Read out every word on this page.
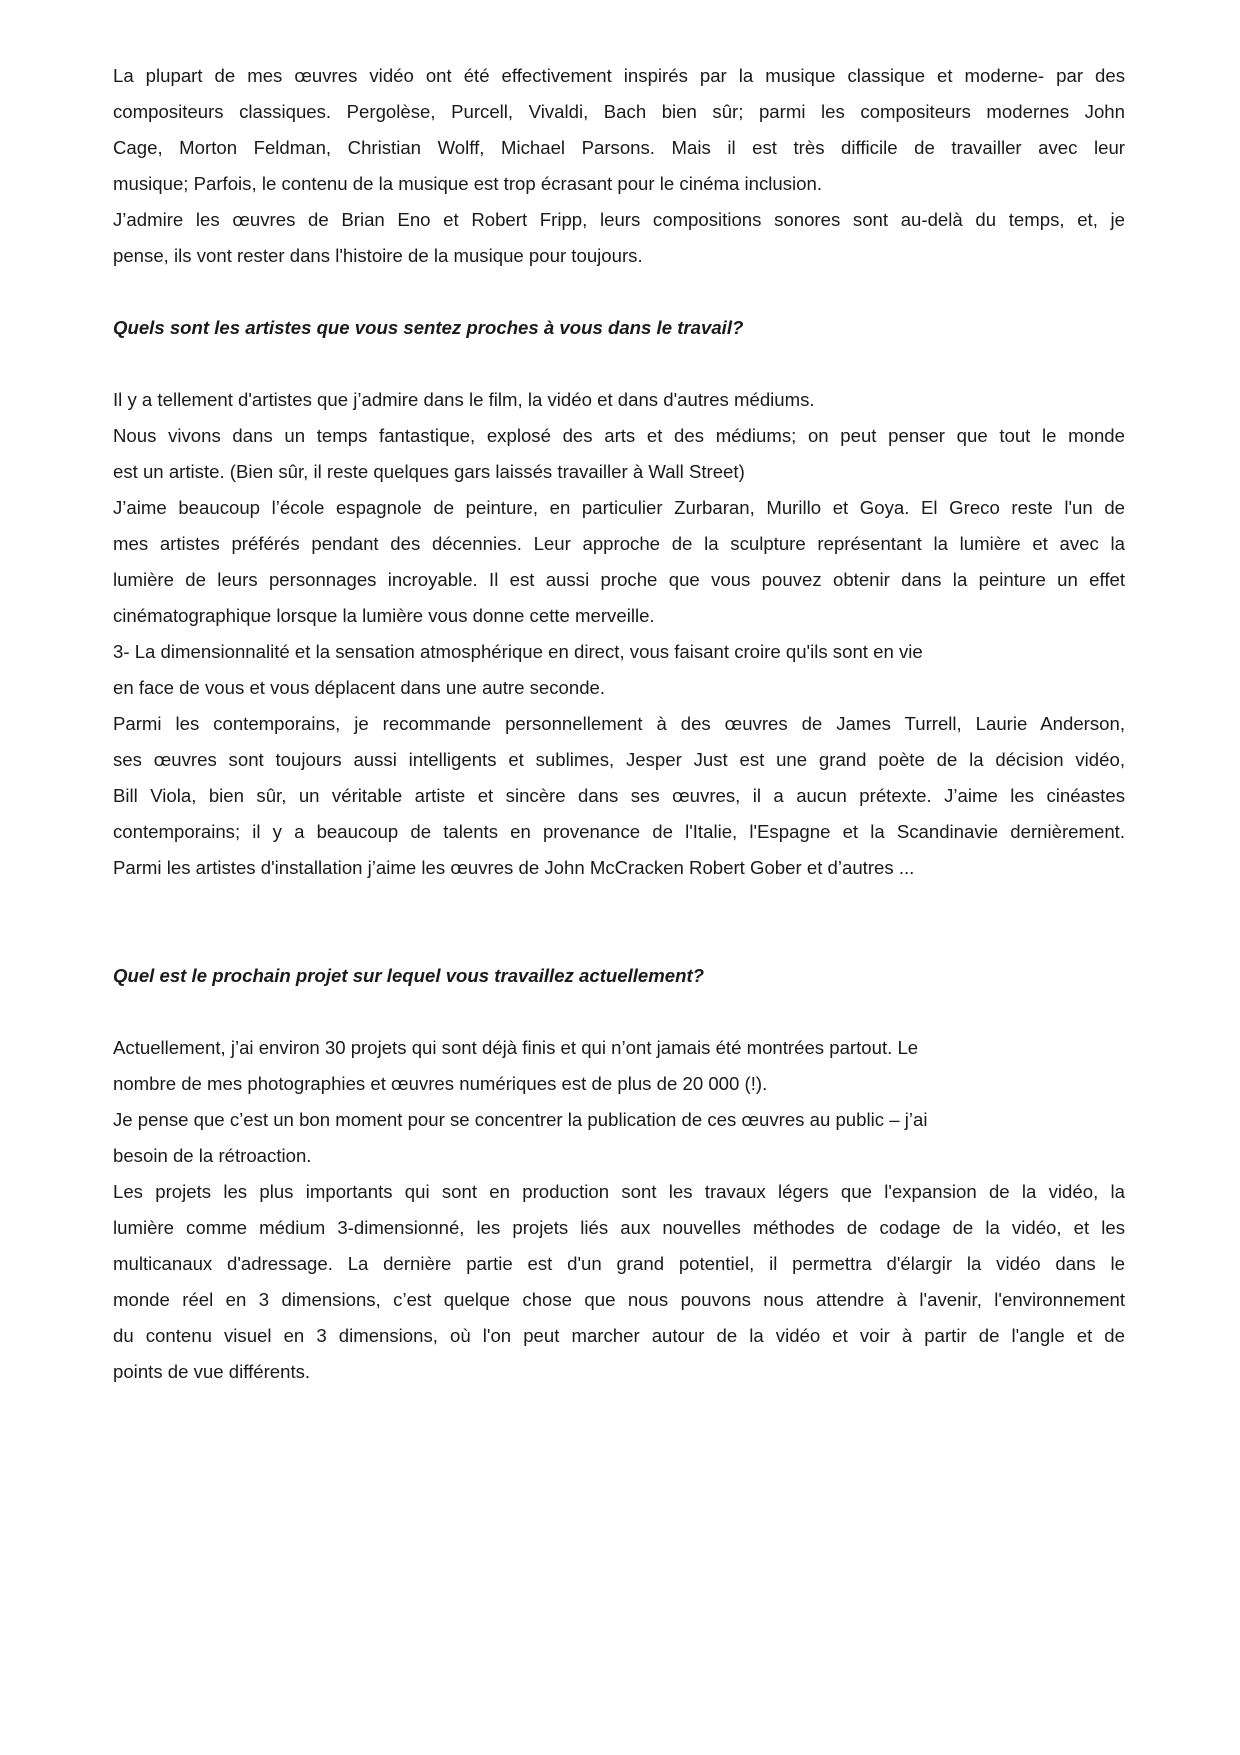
La plupart de mes œuvres vidéo ont été effectivement inspirés par la musique classique et moderne- par des
compositeurs classiques. Pergolèse, Purcell, Vivaldi, Bach bien sûr; parmi les compositeurs modernes John
Cage, Morton Feldman, Christian Wolff, Michael Parsons. Mais il est très difficile de travailler avec leur
musique; Parfois, le contenu de la musique est trop écrasant pour le cinéma inclusion.
J’admire les œuvres de Brian Eno et Robert Fripp, leurs compositions sonores sont au-delà du temps, et, je
pense, ils vont rester dans l'histoire de la musique pour toujours.
Quels sont les artistes que vous sentez proches à vous dans le travail?
Il y a tellement d'artistes que j’admire dans le film, la vidéo et dans d'autres médiums.
Nous vivons dans un temps fantastique, explosé des arts et des médiums; on peut penser que tout le monde
est un artiste. (Bien sûr, il reste quelques gars laissés travailler à Wall Street)
J’aime beaucoup l’école espagnole de peinture, en particulier Zurbaran, Murillo et Goya. El Greco reste l'un de
mes artistes préférés pendant des décennies. Leur approche de la sculpture représentant la lumière et avec la
lumière de leurs personnages incroyable. Il est aussi proche que vous pouvez obtenir dans la peinture un effet
cinématographique lorsque la lumière vous donne cette merveille.
3- La dimensionnalité et la sensation atmosphérique en direct, vous faisant croire qu'ils sont en vie
en face de vous et vous déplacent dans une autre seconde.
Parmi les contemporains, je recommande personnellement à des œuvres de James Turrell, Laurie Anderson,
ses œuvres sont toujours aussi intelligents et sublimes, Jesper Just est une grand poète de la décision vidéo,
Bill Viola, bien sûr, un véritable artiste et sincère dans ses œuvres, il a aucun prétexte. J’aime les cinéastes
contemporains; il y a beaucoup de talents en provenance de l'Italie, l'Espagne et la Scandinavie dernièrement.
Parmi les artistes d'installation j’aime les œuvres de John McCracken Robert Gober et d’autres ...
Quel est le prochain projet sur lequel vous travaillez actuellement?
Actuellement, j’ai environ 30 projets qui sont déjà finis et qui n’ont jamais été montrées partout. Le
nombre de mes photographies et œuvres numériques est de plus de 20 000 (!).
Je pense que c’est un bon moment pour se concentrer la publication de ces œuvres au public – j’ai
besoin de la rétroaction.
Les projets les plus importants qui sont en production sont les travaux légers que l'expansion de la vidéo, la
lumière comme médium 3-dimensionné, les projets liés aux nouvelles méthodes de codage de la vidéo, et les
multicanaux d'adressage. La dernière partie est d'un grand potentiel, il permettra d'élargir la vidéo dans le
monde réel en 3 dimensions, c’est quelque chose que nous pouvons nous attendre à l'avenir, l'environnement
du contenu visuel en 3 dimensions, où l'on peut marcher autour de la vidéo et voir à partir de l'angle et de
points de vue différents.
